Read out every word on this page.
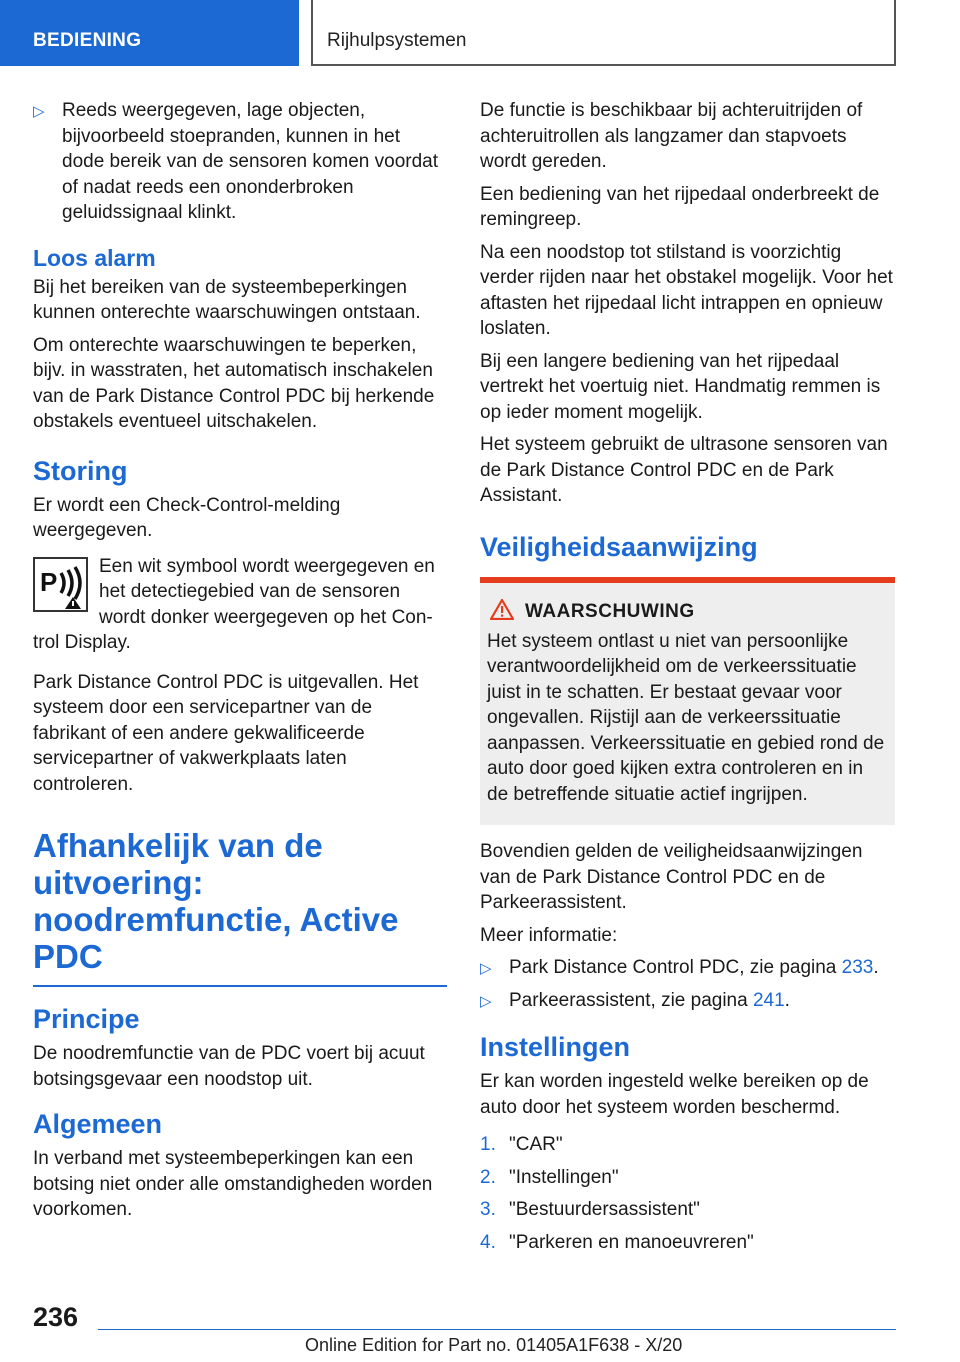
BEDIENING	Rijhulpsystemen
▷ Reeds weergegeven, lage objecten, bijvoorbeeld stoepranden, kunnen in het dode bereik van de sensoren komen voordat of nadat reeds een ononderbroken geluidssignaal klinkt.
Loos alarm

Bij het bereiken van de systeembeperkingen kunnen onterechte waarschuwingen ontstaan.

Om onterechte waarschuwingen te beperken, bijv. in wasstraten, het automatisch inschakelen van de Park Distance Control PDC bij herkende obstakels eventueel uitschakelen.

Storing

Er wordt een Check-Control-melding weergegeven.

P
Een wit symbool wordt weergegeven en het detectiegebied van de sensoren wordt donker weergegeven op het Con-
trol Display.

Park Distance Control PDC is uitgevallen. Het systeem door een servicepartner van de fabrikant of een andere gekwalificeerde servicepartner of vakwerkplaats laten controleren.

Afhankelijk van de uitvoering: noodremfunctie, Active PDC
Principe

De noodremfunctie van de PDC voert bij acuut botsingsgevaar een noodstop uit.

Algemeen

In verband met systeembeperkingen kan een botsing niet onder alle omstandigheden worden voorkomen.

De functie is beschikbaar bij achteruitrijden of achteruitrollen als langzamer dan stapvoets wordt gereden.

Een bediening van het rijpedaal onderbreekt de remingreep.

Na een noodstop tot stilstand is voorzichtig verder rijden naar het obstakel mogelijk. Voor het aftasten het rijpedaal licht intrappen en opnieuw loslaten.

Bij een langere bediening van het rijpedaal vertrekt het voertuig niet. Handmatig remmen is op ieder moment mogelijk.

Het systeem gebruikt de ultrasone sensoren van de Park Distance Control PDC en de Park Assistant.

Veiligheidsaanwijzing
WAARSCHUWING

Het systeem ontlast u niet van persoonlijke verantwoordelijkheid om de verkeerssituatie juist in te schatten. Er bestaat gevaar voor ongevallen. Rijstijl aan de verkeerssituatie aanpassen. Verkeerssituatie en gebied rond de auto door goed kijken extra controleren en in de betreffende situatie actief ingrijpen.

Bovendien gelden de veiligheidsaanwijzingen van de Park Distance Control PDC en de Parkeerassistent.

Meer informatie:

▷ Park Distance Control PDC, zie pagina 233.
▷ Parkeerassistent, zie pagina 241.
Instellingen

Er kan worden ingesteld welke bereiken op de auto door het systeem worden beschermd.

1. "CAR"
2. "Instellingen"
3. "Bestuurdersassistent"
4. "Parkeren en manoeuvreren"
236
Online Edition for Part no. 01405A1F638 - X/20
